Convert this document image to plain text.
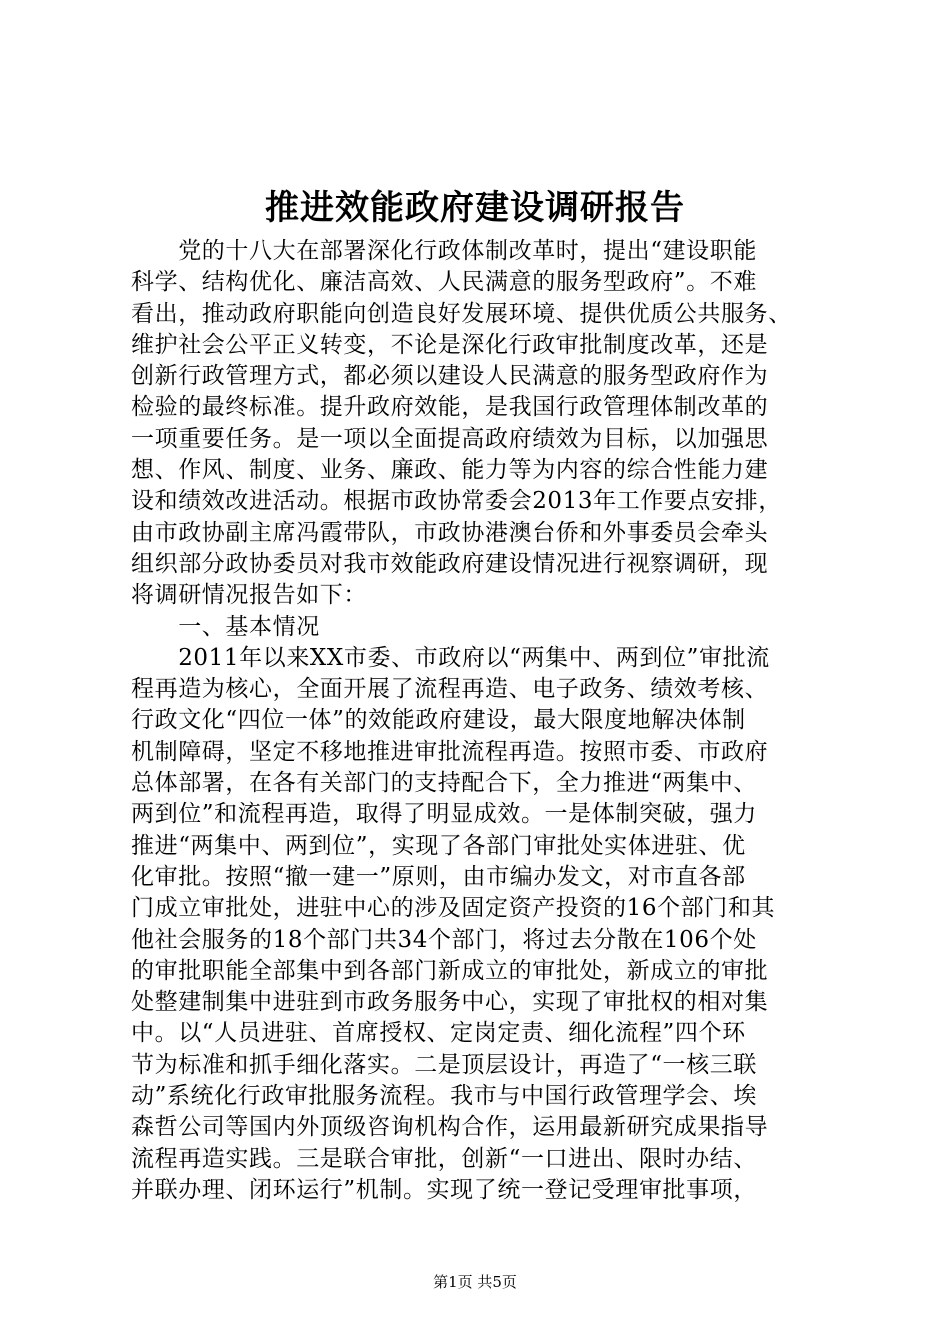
推进效能政府建设调研报告
　　党的十八大在部署深化行政体制改革时，提出“建设职能
科学、结构优化、廉洁高效、人民满意的服务型政府”。不难
看出，推动政府职能向创造良好发展环境、提供优质公共服务、
维护社会公平正义转变，不论是深化行政审批制度改革，还是
创新行政管理方式，都必须以建设人民满意的服务型政府作为
检验的最终标准。提升政府效能，是我国行政管理体制改革的
一项重要任务。是一项以全面提高政府绩效为目标，以加强思
想、作风、制度、业务、廉政、能力等为内容的综合性能力建
设和绩效改进活动。根据市政协常委会2013年工作要点安排，
由市政协副主席冯霞带队，市政协港澳台侨和外事委员会牵头
组织部分政协委员对我市效能政府建设情况进行视察调研，现
将调研情况报告如下：
　　一、基本情况
　　2011年以来XX市委、市政府以“两集中、两到位”审批流
程再造为核心，全面开展了流程再造、电子政务、绩效考核、
行政文化“四位一体”的效能政府建设，最大限度地解决体制
机制障碍，坚定不移地推进审批流程再造。按照市委、市政府
总体部署，在各有关部门的支持配合下，全力推进“两集中、
两到位”和流程再造，取得了明显成效。一是体制突破，强力
推进“两集中、两到位”，实现了各部门审批处实体进驻、优
化审批。按照“撤一建一”原则，由市编办发文，对市直各部
门成立审批处，进驻中心的涉及固定资产投资的16个部门和其
他社会服务的18个部门共34个部门，将过去分散在106个处
的审批职能全部集中到各部门新成立的审批处，新成立的审批
处整建制集中进驻到市政务服务中心，实现了审批权的相对集
中。以“人员进驻、首席授权、定岗定责、细化流程”四个环
节为标准和抓手细化落实。二是顶层设计，再造了“一核三联
动”系统化行政审批服务流程。我市与中国行政管理学会、埃
森哲公司等国内外顶级咨询机构合作，运用最新研究成果指导
流程再造实践。三是联合审批，创新“一口进出、限时办结、
并联办理、闭环运行”机制。实现了统一登记受理审批事项，
第1页 共5页
